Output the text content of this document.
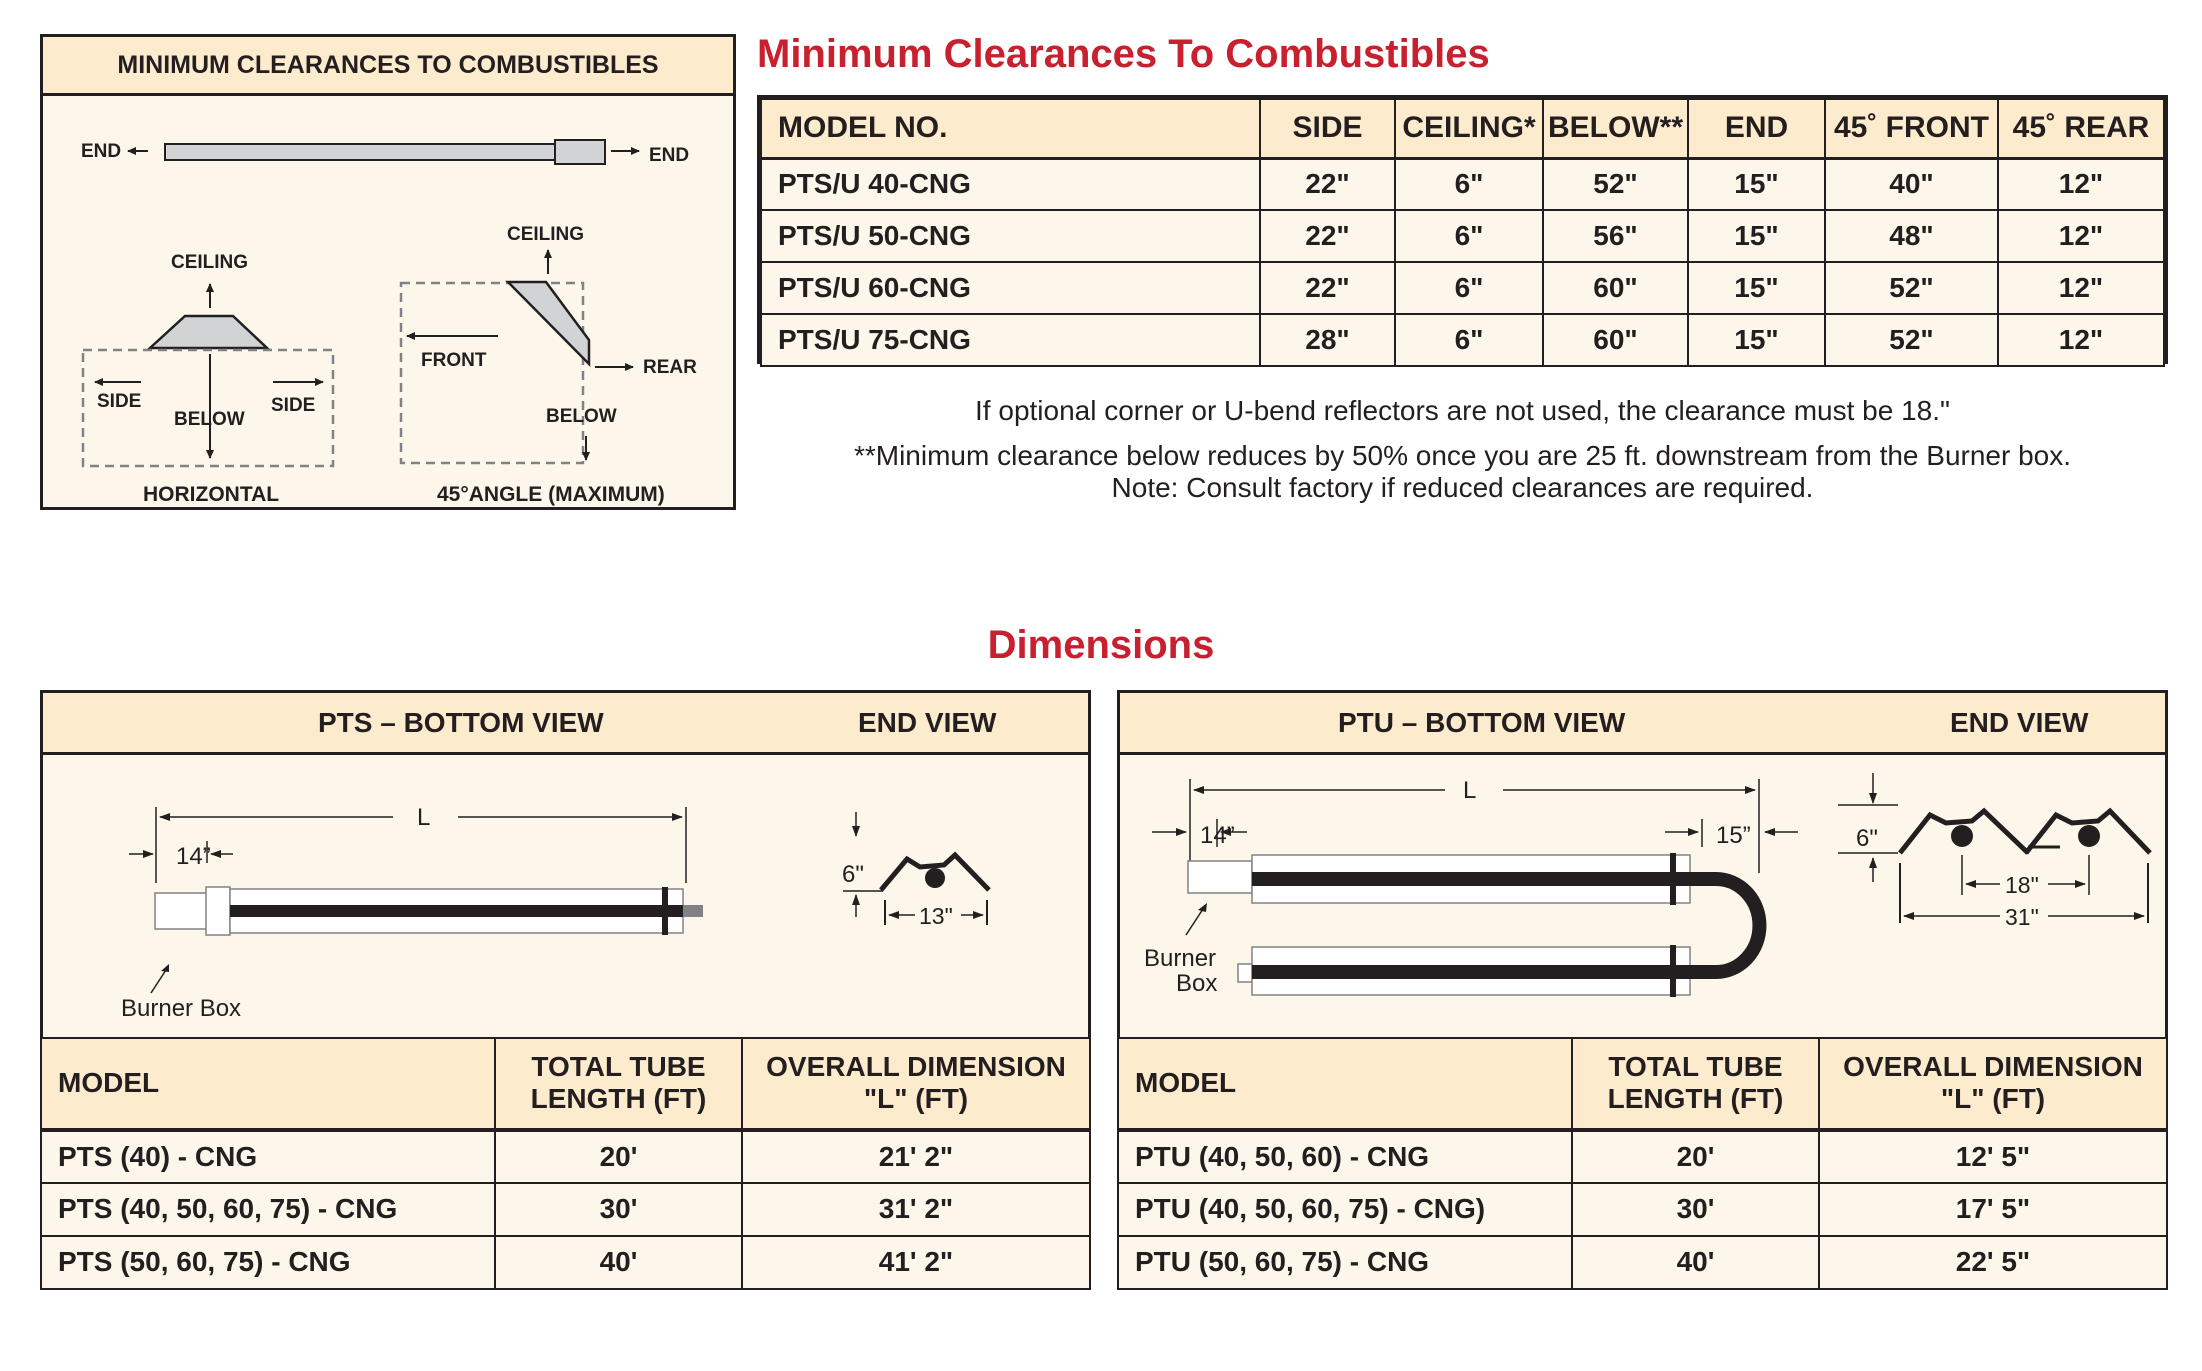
MINIMUM CLEARANCES TO COMBUSTIBLES
END	END
CEILING
SIDE
BELOW
SIDE
HORIZONTAL
CEILING
FRONT	REAR
BELOW
45°ANGLE (MAXIMUM)
Minimum Clearances To Combustibles
MODEL NO.	SIDE	CEILING*	BELOW**	END	45˚ FRONT	45˚ REAR
PTS/U 40-CNG	22"	6"	52"	15"	40"	12"
PTS/U 50-CNG	22"	6"	56"	15"	48"	12"
PTS/U 60-CNG	22"	6"	60"	15"	52"	12"
PTS/U 75-CNG	28"	6"	60"	15"	52"	12"
If optional corner or U-bend reflectors are not used, the clearance must be 18."
**Minimum clearance below reduces by 50% once you are 25 ft. downstream from the Burner box.
Note: Consult factory if reduced clearances are required.
Dimensions
PTS – BOTTOM VIEW	END VIEW
L
14”
Burner Box
6"
13"
MODEL	TOTAL TUBE LENGTH (FT)	OVERALL DIMENSION "L" (FT)
PTS (40) - CNG	20'	21' 2"
PTS (40, 50, 60, 75) - CNG	30'	31' 2"
PTS (50, 60, 75) - CNG	40'	41' 2"
PTU – BOTTOM VIEW	END VIEW
L
14”	15”
Burner
Box
6"
18"
31"
MODEL	TOTAL TUBE LENGTH (FT)	OVERALL DIMENSION "L" (FT)
PTU (40, 50, 60) - CNG	20'	12' 5"
PTU (40, 50, 60, 75) - CNG)	30'	17' 5"
PTU (50, 60, 75) - CNG	40'	22' 5"
